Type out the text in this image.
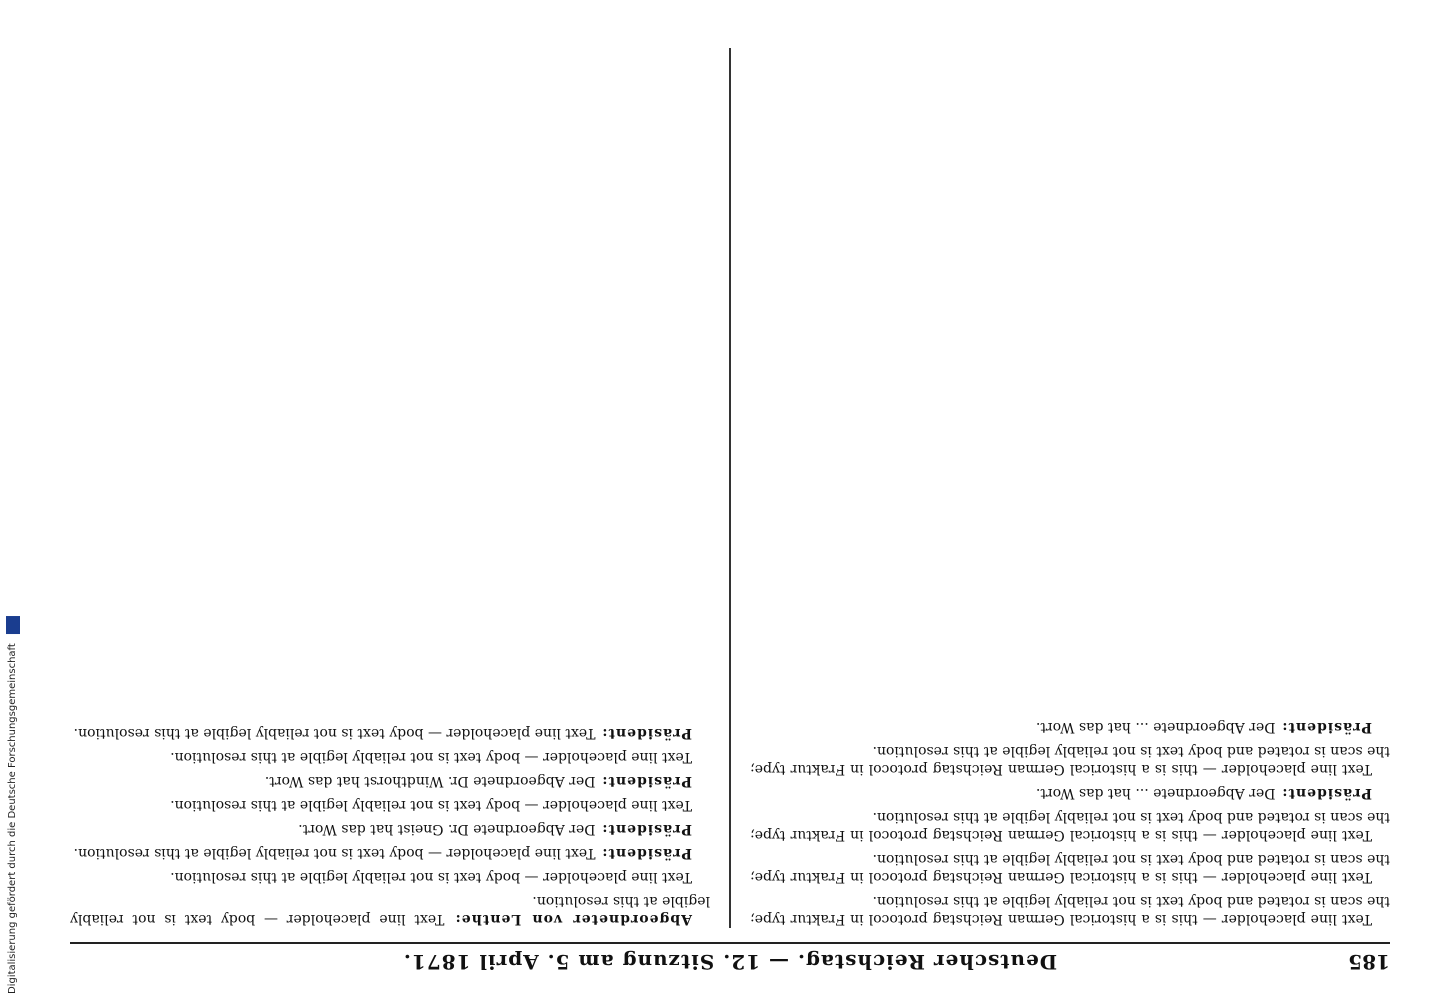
Deutscher Reichstag. — 12. Sitzung am 5. April 1871.	185

Text line placeholder — this is a historical German Reichstag protocol in Fraktur type; the scan is rotated and body text is not reliably legible at this resolution.

Text line placeholder — this is a historical German Reichstag protocol in Fraktur type; the scan is rotated and body text is not reliably legible at this resolution.

Text line placeholder — this is a historical German Reichstag protocol in Fraktur type; the scan is rotated and body text is not reliably legible at this resolution.

Präsident: Der Abgeordnete ... hat das Wort.

Text line placeholder — this is a historical German Reichstag protocol in Fraktur type; the scan is rotated and body text is not reliably legible at this resolution.

Präsident: Der Abgeordnete ... hat das Wort.

Abgeordneter von Lenthe: Text line placeholder — body text is not reliably legible at this resolution.

Text line placeholder — body text is not reliably legible at this resolution.

Präsident: Text line placeholder — body text is not reliably legible at this resolution.

Präsident: Der Abgeordnete Dr. Gneist hat das Wort.

Text line placeholder — body text is not reliably legible at this resolution.

Präsident: Der Abgeordnete Dr. Windthorst hat das Wort.

Text line placeholder — body text is not reliably legible at this resolution.

Präsident: Text line placeholder — body text is not reliably legible at this resolution.

Digitalisierung gefördert durch die Deutsche Forschungsgemeinschaft
